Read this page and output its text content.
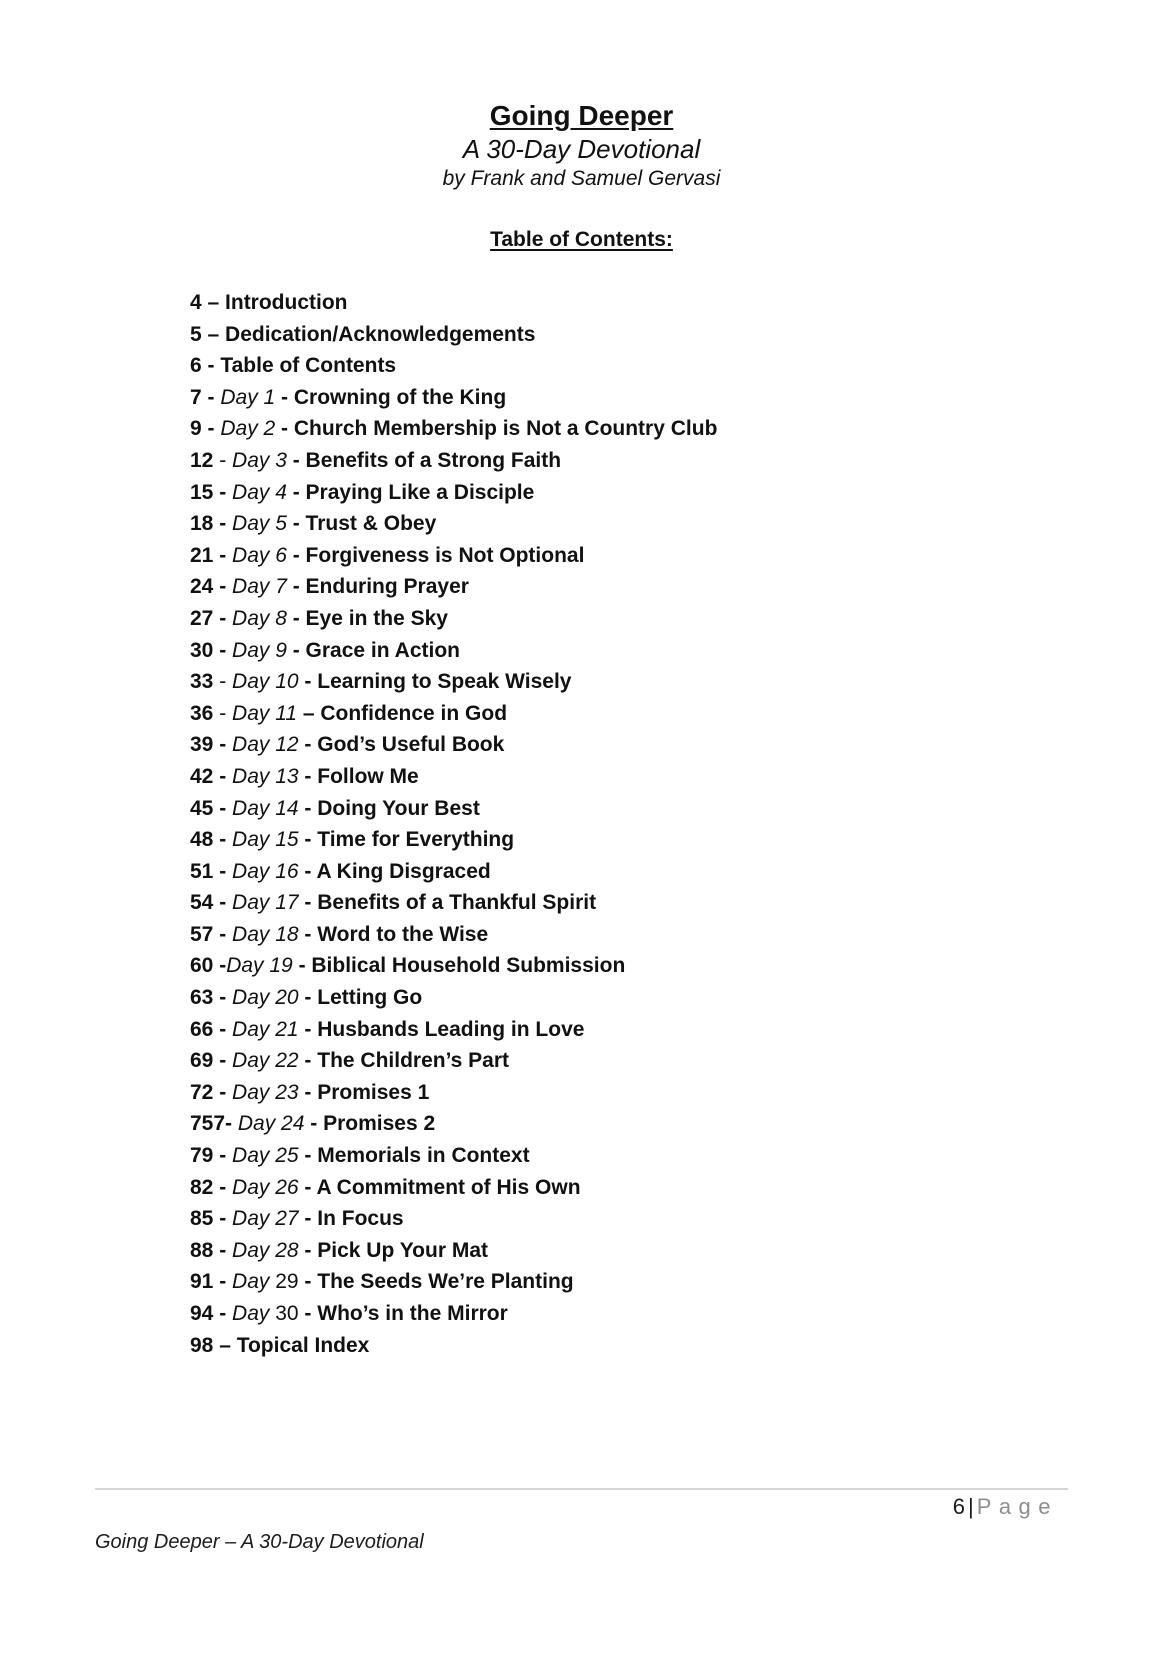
Going Deeper
A 30-Day Devotional
by Frank and Samuel Gervasi
Table of Contents:
4 – Introduction
5 – Dedication/Acknowledgements
6 - Table of Contents
7 - Day 1 - Crowning of the King
9 - Day 2 - Church Membership is Not a Country Club
12 - Day 3 - Benefits of a Strong Faith
15 - Day 4 - Praying Like a Disciple
18 - Day 5 - Trust & Obey
21 - Day 6 - Forgiveness is Not Optional
24 - Day 7 - Enduring Prayer
27 - Day 8 - Eye in the Sky
30 - Day 9 - Grace in Action
33 - Day 10 - Learning to Speak Wisely
36 - Day 11 – Confidence in God
39 - Day 12 - God’s Useful Book
42 - Day 13 - Follow Me
45 - Day 14 - Doing Your Best
48 - Day 15 - Time for Everything
51 - Day 16 - A King Disgraced
54 - Day 17 - Benefits of a Thankful Spirit
57 - Day 18 - Word to the Wise
60 -Day 19 - Biblical Household Submission
63 - Day 20 - Letting Go
66 - Day 21 - Husbands Leading in Love
69 - Day 22 - The Children’s Part
72 - Day 23 - Promises 1
757- Day 24 - Promises 2
79 - Day 25 - Memorials in Context
82 - Day 26 - A Commitment of His Own
85 - Day 27 - In Focus
88 - Day 28 - Pick Up Your Mat
91 - Day 29 - The Seeds We’re Planting
94 - Day 30 - Who’s in the Mirror
98 – Topical Index
6 | Page
Going Deeper – A 30-Day Devotional
